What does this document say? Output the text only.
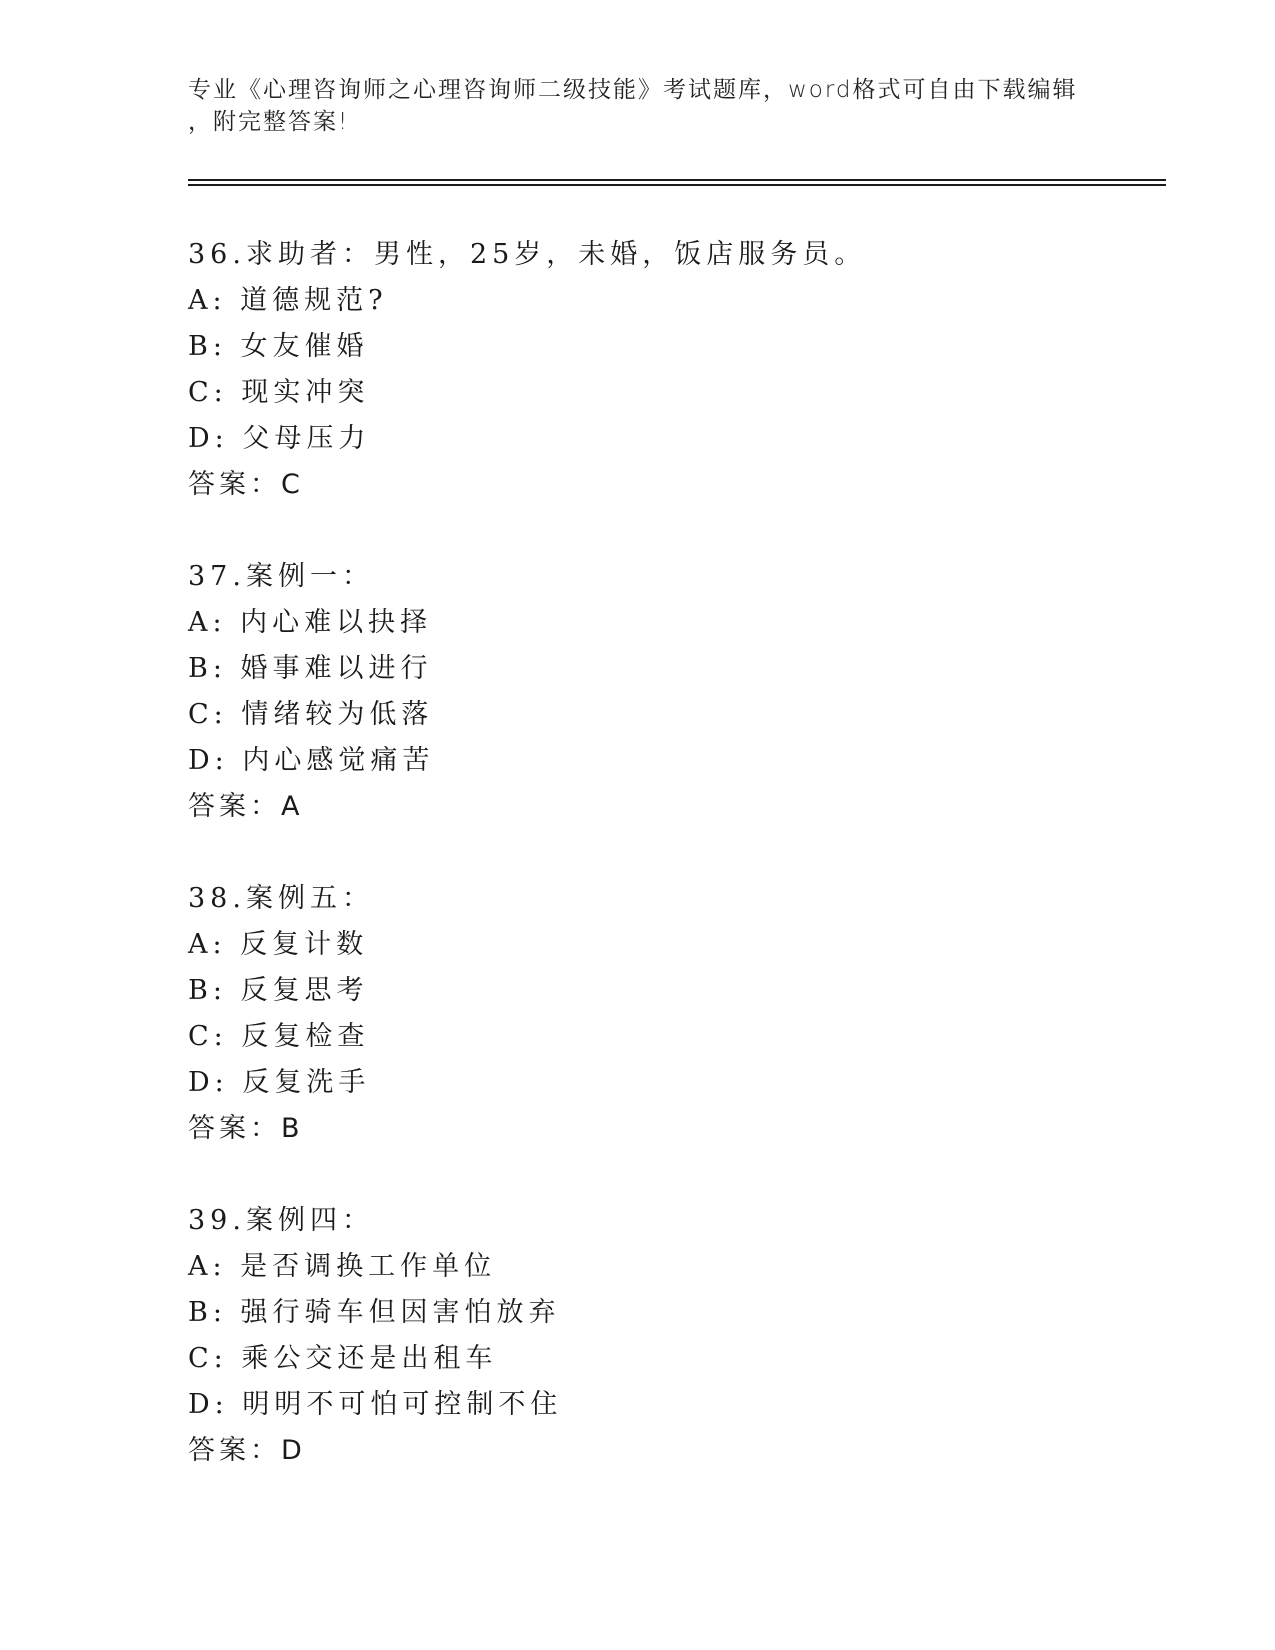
专业《心理咨询师之心理咨询师二级技能》考试题库，word格式可自由下载编辑
，附完整答案!
36.求助者：男性，25岁，未婚，饭店服务员。
A: 道德规范?
B: 女友催婚
C: 现实冲突
D: 父母压力
答案：C
37.案例一：
A: 内心难以抉择
B: 婚事难以进行
C: 情绪较为低落
D: 内心感觉痛苦
答案：A
38.案例五：
A: 反复计数
B: 反复思考
C: 反复检查
D: 反复洗手
答案：B
39.案例四：
A: 是否调换工作单位
B: 强行骑车但因害怕放弃
C: 乘公交还是出租车
D: 明明不可怕可控制不住
答案：D
